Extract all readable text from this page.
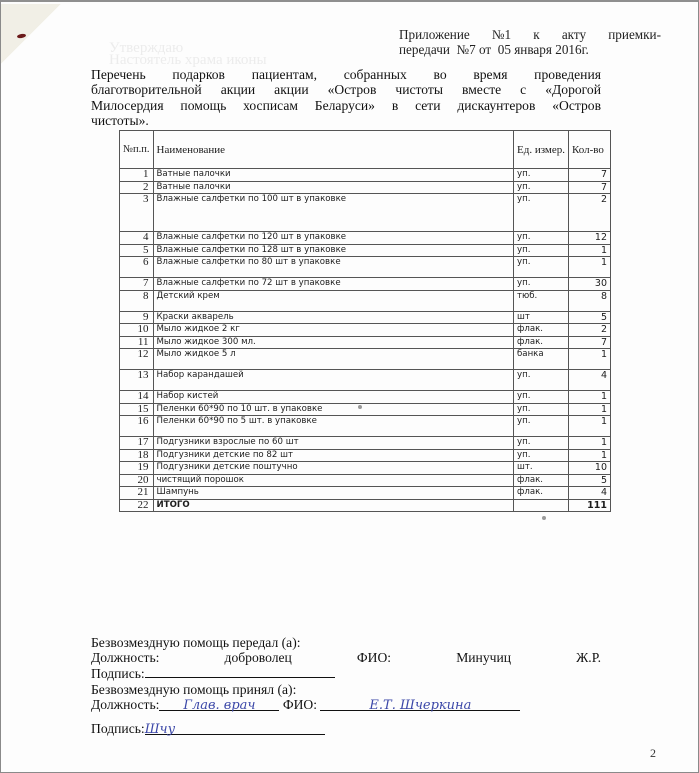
Утверждаю
Настоятель храма иконы
Приложение №1 к акту приемки-
передачи  №7 от  05 января 2016г.
Перечень подарков пациентам, собранных во время проведения
благотворительной акции акции «Остров чистоты вместе с «Дорогой
Милосердия помощь хосписам Беларуси» в сети дискаунтеров «Остров
чистоты».
№п.п.	Наименование	Ед. измер.	Кол-во
1	Ватные палочки	уп.	7
2	Ватные палочки	уп.	7
3	Влажные салфетки по 100 шт в упаковке	уп.	2
4	Влажные салфетки по 120 шт в упаковке	уп.	12
5	Влажные салфетки по 128 шт в упаковке	уп.	1
6	Влажные салфетки по 80 шт в упаковке	уп.	1
7	Влажные салфетки по 72 шт в упаковке	уп.	30
8	Детский крем	тюб.	8
9	Краски акварель	шт	5
10	Мыло жидкое 2 кг	флак.	2
11	Мыло жидкое 300 мл.	флак.	7
12	Мыло жидкое 5 л	банка	1
13	Набор карандашей	уп.	4
14	Набор кистей	уп.	1
15	Пеленки 60*90 по 10 шт. в упаковке	уп.	1
16	Пеленки 60*90 по 5 шт. в упаковке	уп.	1
17	Подгузники взрослые по 60 шт	уп.	1
18	Подгузники детские по 82 шт	уп.	1
19	Подгузники детские поштучно	шт.	10
20	чистящий порошок	флак.	5
21	Шампунь	флак.	4
22	ИТОГО		111
Безвозмездную помощь передал (а):
Должность:	доброволец	ФИО:	Минучиц	Ж.Р.
Подпись:
Безвозмездную помощь принял (а):
Должность: Глав. врач ФИО:	Е.Т. Шчеркина
Подпись:Шчу
2
